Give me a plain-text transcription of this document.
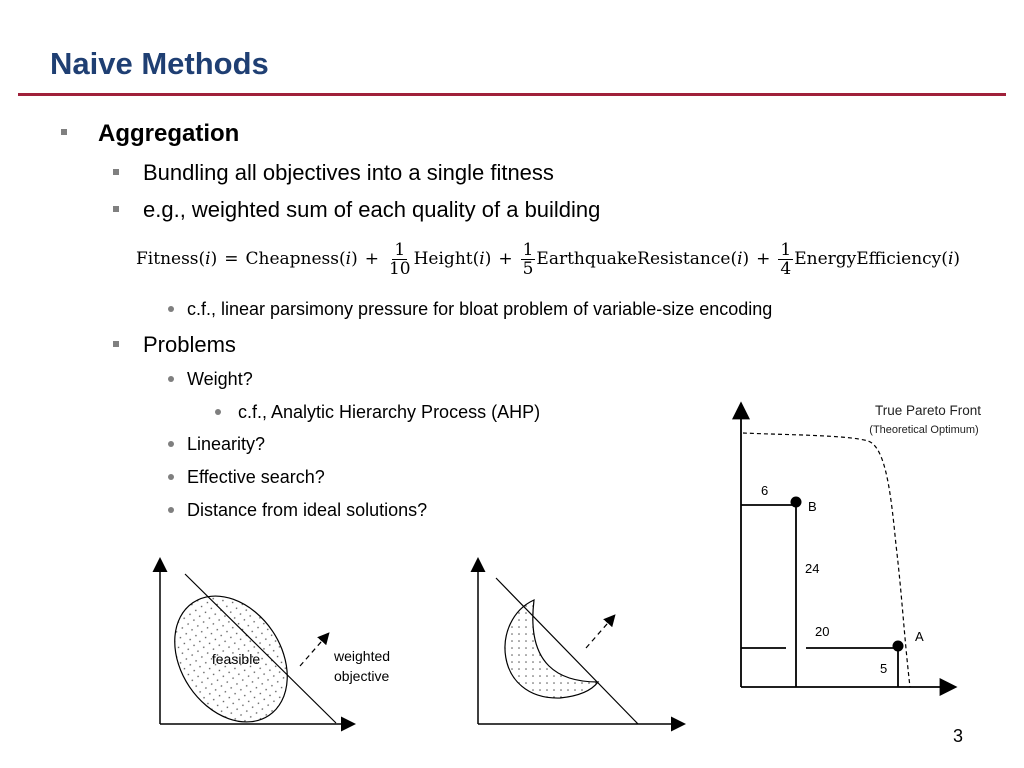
Naive Methods
Aggregation
Bundling all objectives into a single fitness
e.g., weighted sum of each quality of a building
Fitness ( i ) = Cheapness ( i ) + $\frac{1}{10}$ Height ( i ) + $\frac{1}{5}$ EarthquakeResistance ( i ) + $\frac{1}{4}$ EnergyEfficiency ( i )
c.f., linear parsimony pressure for bloat problem of variable-size encoding
Problems
Weight?
c.f., Analytic Hierarchy Process (AHP)
Linearity?
Effective search?
Distance from ideal solutions?
feasible	weighted
objective
True Pareto Front
(Theoretical Optimum)
6
B
24
20	A
5
3
